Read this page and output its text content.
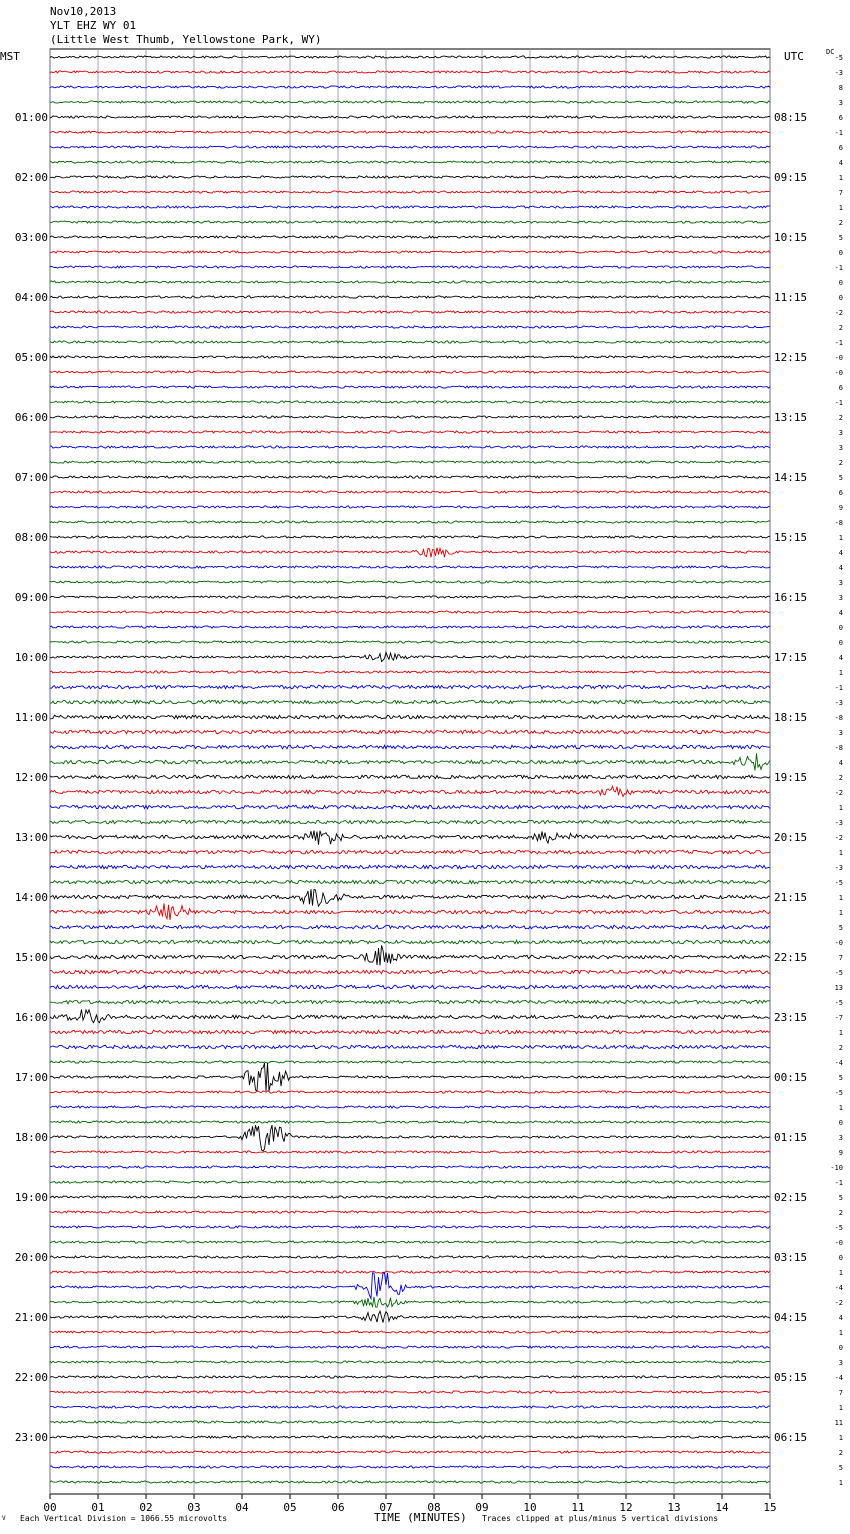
Nov10,2013
YLT EHZ WY 01
(Little West Thumb, Yellowstone Park, WY)
MST	UTC	DC
00	01	02	03	04	05	06	07	08	09	10	11	12	13	14	15
-5
-3
8
3
6
-1
6
4
1
7
1
2
5
0
-1
0
0
-2
2
-1
-0
-0
6
-1
2
3
3
2
5
6
9
-8
1
4
4
3
3
4
0
0
4
1
-1
-3
-8
3
-8
4
2
-2
1
-3
-2
1
-3
-5
1
1
5
-0
7
-5
13
-5
-7
1
2
-4
5
-5
1
0
3
9
-10
-1
5
2
-5
-0
0
1
-4
-2
4
1
0
3
-4
7
1
11
1
2
5
1
01:00
02:00
03:00
04:00
05:00
06:00
07:00
08:00
09:00
10:00
11:00
12:00
13:00
14:00
15:00
16:00
17:00
18:00
19:00
20:00
21:00
22:00
23:00
08:15
09:15
10:15
11:15
12:15
13:15
14:15
15:15
16:15
17:15
18:15
19:15
20:15
21:15
22:15
23:15
00:15
01:15
02:15
03:15
04:15
05:15
06:15
V Each Vertical Division = 1066.55 microvolts	TIME (MINUTES) Traces clipped at plus/minus 5 vertical divisions
